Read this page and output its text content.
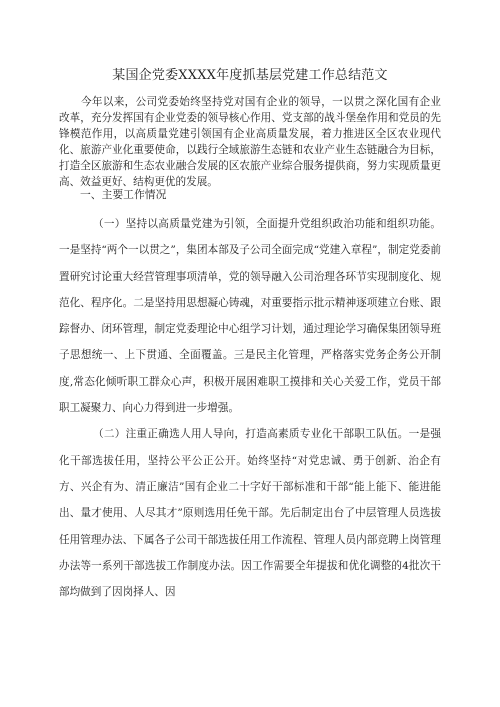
某国企党委XXXX年度抓基层党建工作总结范文

今年以来，公司党委始终坚持党对国有企业的领导，一以贯之深化国有企业改革，充分发挥国有企业党委的领导核心作用、党支部的战斗堡垒作用和党员的先锋模范作用，以高质量党建引领国有企业高质量发展，着力推进区全区农业现代化、旅游产业化重要使命，以践行全域旅游生态链和农业产业生态链融合为目标，打造全区旅游和生态农业融合发展的区农旅产业综合服务提供商，努力实现质量更高、效益更好、结构更优的发展。

一、主要工作情况

（一）坚持以高质量党建为引领，全面提升党组织政治功能和组织功能。一是坚持“两个一以贯之”，集团本部及子公司全面完成“党建入章程”，制定党委前置研究讨论重大经营管理事项清单，党的领导融入公司治理各环节实现制度化、规范化、程序化。二是坚持用思想凝心铸魂，对重要指示批示精神逐项建立台账、跟踪督办、闭环管理，制定党委理论中心组学习计划，通过理论学习确保集团领导班子思想统一、上下贯通、全面覆盖。三是民主化管理，严格落实党务企务公开制度,常态化倾听职工群众心声，积极开展困难职工摸排和关心关爱工作，党员干部职工凝聚力、向心力得到进一步增强。

（二）注重正确选人用人导向，打造高素质专业化干部职工队伍。一是强化干部选拔任用，坚持公平公正公开。始终坚持“对党忠诚、勇于创新、治企有方、兴企有为、清正廉洁”国有企业二十字好干部标准和干部“能上能下、能进能出、量才使用、人尽其才”原则选用任免干部。先后制定出台了中层管理人员选拔任用管理办法、下属各子公司干部选拔任用工作流程、管理人员内部竞聘上岗管理办法等一系列干部选拔工作制度办法。因工作需要全年提拔和优化调整的4批次干部均做到了因岗择人、因
